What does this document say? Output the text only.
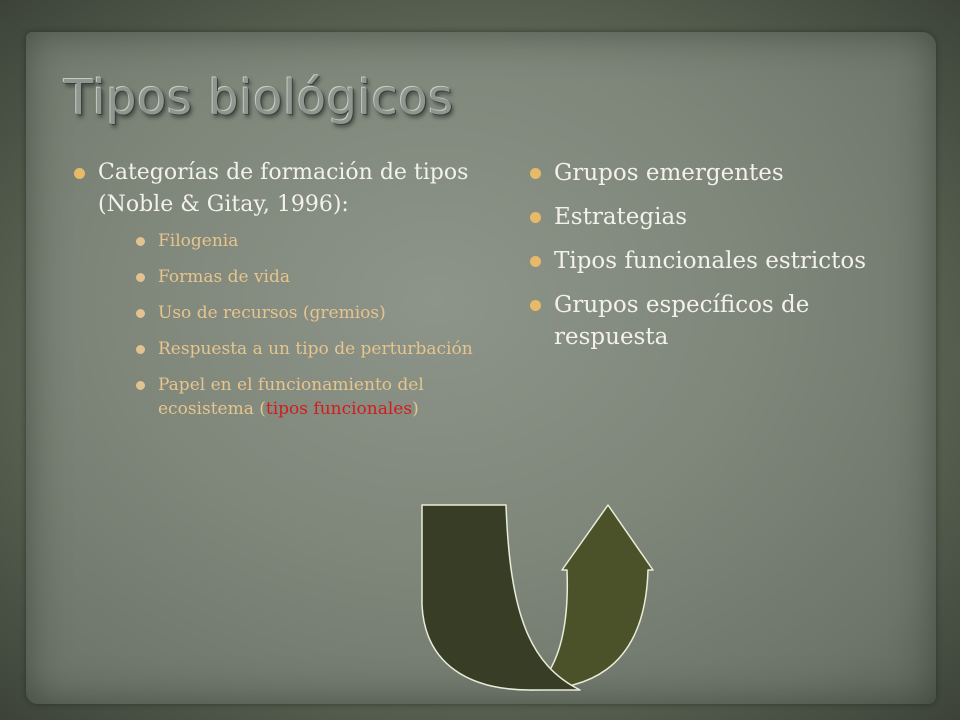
Tipos biológicos
Categorías de formación de tipos (Noble & Gitay, 1996):
Filogenia
Formas de vida
Uso de recursos (gremios)
Respuesta a un tipo de perturbación
Papel en el funcionamiento del ecosistema (tipos funcionales)
Grupos emergentes
Estrategias
Tipos funcionales estrictos
Grupos específicos de respuesta
